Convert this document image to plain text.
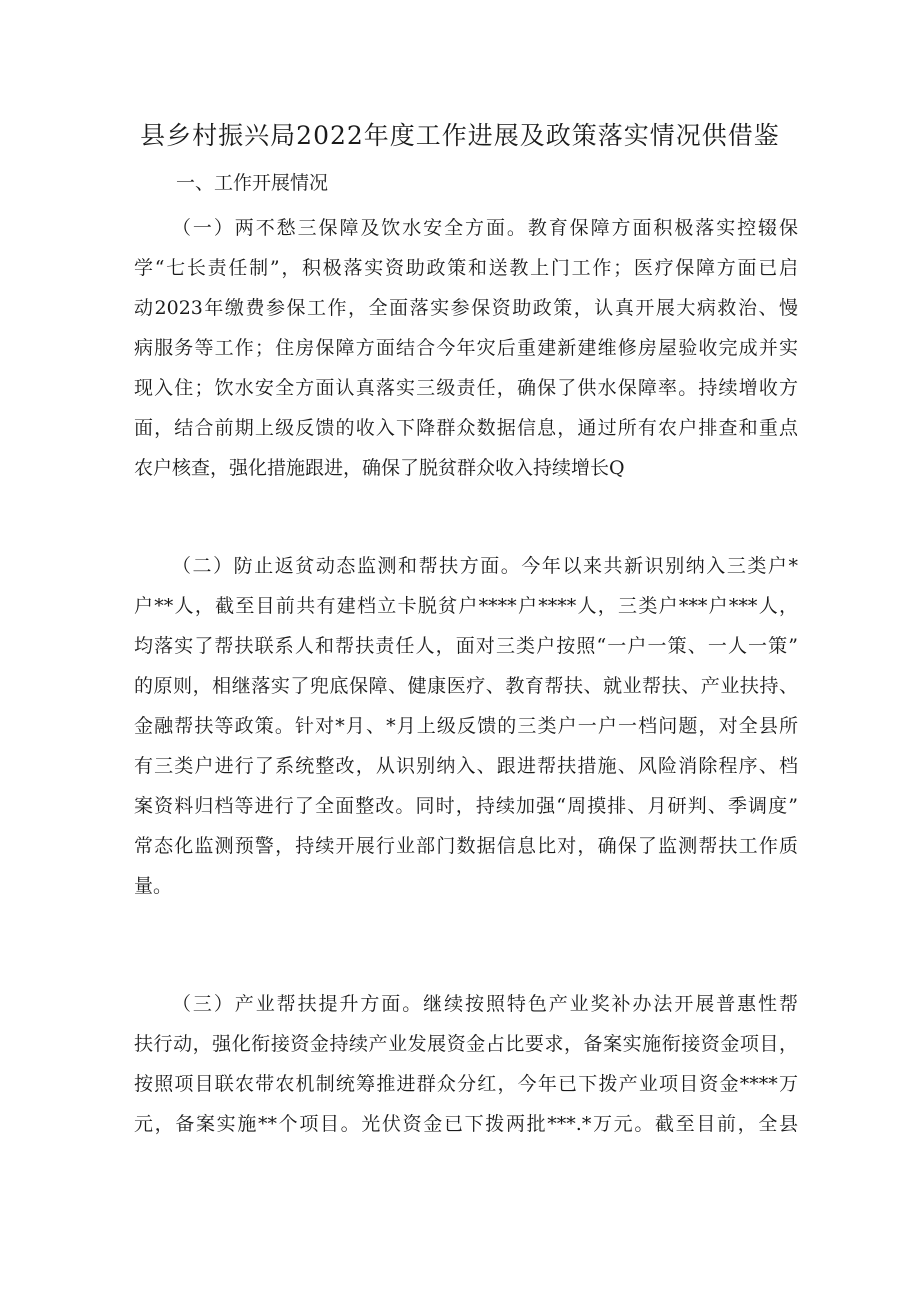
县乡村振兴局2022年度工作进展及政策落实情况供借鉴
一、工作开展情况
（一）两不愁三保障及饮水安全方面。教育保障方面积极落实控辍保
学“七长责任制”，积极落实资助政策和送教上门工作；医疗保障方面已启
动2023年缴费参保工作，全面落实参保资助政策，认真开展大病救治、慢
病服务等工作；住房保障方面结合今年灾后重建新建维修房屋验收完成并实
现入住；饮水安全方面认真落实三级责任，确保了供水保障率。持续增收方
面，结合前期上级反馈的收入下降群众数据信息，通过所有农户排查和重点
农户核查，强化措施跟进，确保了脱贫群众收入持续增长Q
（二）防止返贫动态监测和帮扶方面。今年以来共新识别纳入三类户*
户**人，截至目前共有建档立卡脱贫户****户****人，三类户***户***人，
均落实了帮扶联系人和帮扶责任人，面对三类户按照“一户一策、一人一策”
的原则，相继落实了兜底保障、健康医疗、教育帮扶、就业帮扶、产业扶持、
金融帮扶等政策。针对*月、*月上级反馈的三类户一户一档问题，对全县所
有三类户进行了系统整改，从识别纳入、跟进帮扶措施、风险消除程序、档
案资料归档等进行了全面整改。同时，持续加强“周摸排、月研判、季调度”
常态化监测预警，持续开展行业部门数据信息比对，确保了监测帮扶工作质
量。
（三）产业帮扶提升方面。继续按照特色产业奖补办法开展普惠性帮
扶行动，强化衔接资金持续产业发展资金占比要求，备案实施衔接资金项目，
按照项目联农带农机制统筹推进群众分红，今年已下拨产业项目资金****万
元，备案实施**个项目。光伏资金已下拨两批***.*万元。截至目前，全县
